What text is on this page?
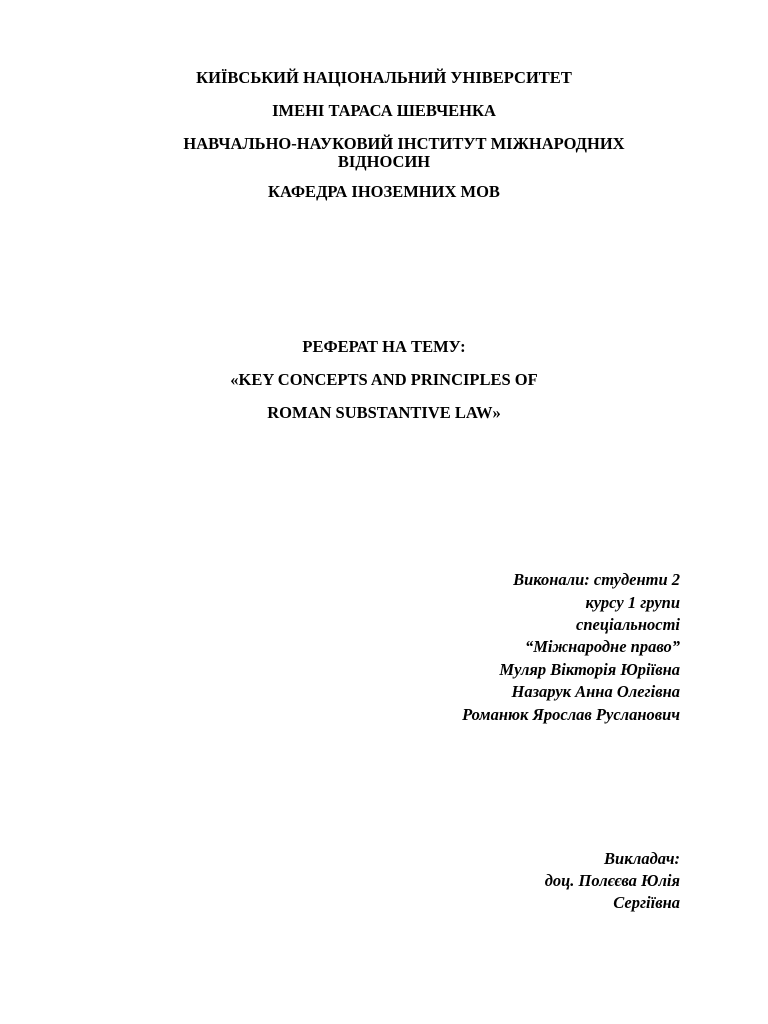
КИЇВСЬКИЙ НАЦІОНАЛЬНИЙ УНІВЕРСИТЕТ
ІМЕНІ ТАРАСА ШЕВЧЕНКА
НАВЧАЛЬНО-НАУКОВИЙ ІНСТИТУТ МІЖНАРОДНИХ
ВІДНОСИН
КАФЕДРА ІНОЗЕМНИХ МОВ
РЕФЕРАТ НА ТЕМУ:
«KEY CONCEPTS AND PRINCIPLES OF
ROMAN SUBSTANTIVE LAW»
Виконали: студенти 2
курсу 1 групи
спеціальності
“Міжнародне право”
Муляр Вікторія Юріївна
Назарук Анна Олегівна
Романюк Ярослав Русланович
Викладач:
доц. Полєєва Юлія
Сергіївна
